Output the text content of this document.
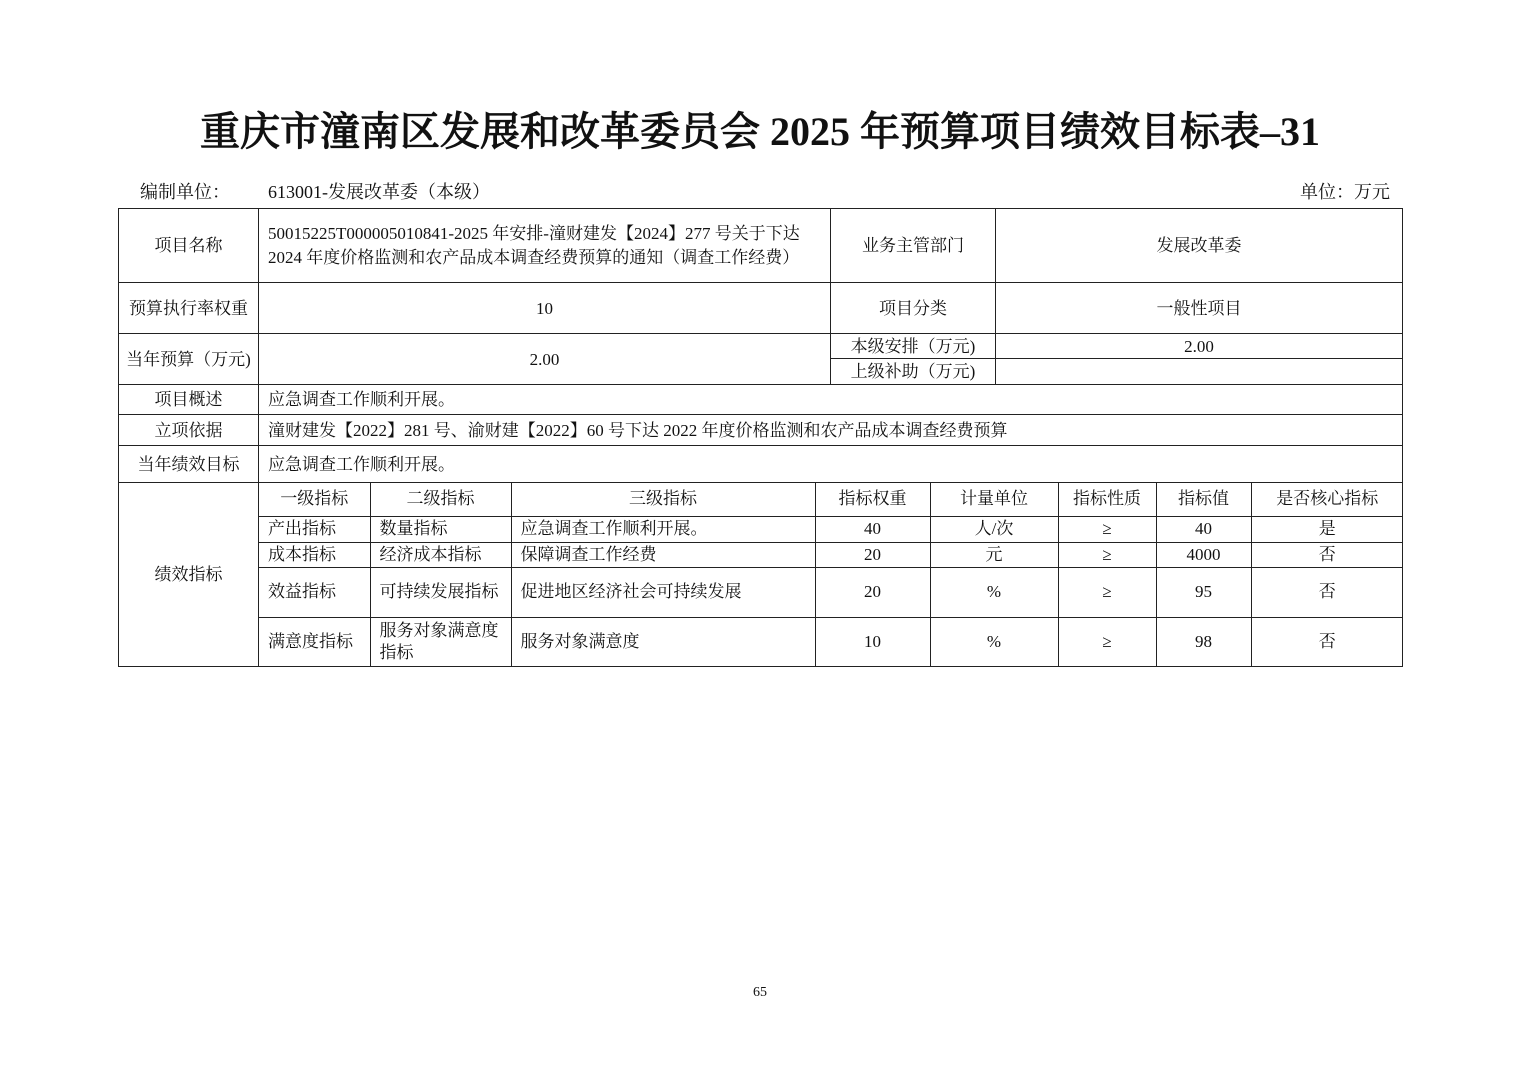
重庆市潼南区发展和改革委员会 2025 年预算项目绩效目标表–31
编制单位： 613001-发展改革委（本级）	单位：万元
项目名称	50015225T000005010841-2025 年安排-潼财建发【2024】277 号关于下达 2024 年度价格监测和农产品成本调查经费预算的通知（调查工作经费）	业务主管部门	发展改革委
预算执行率权重	10	项目分类	一般性项目
当年预算（万元)	2.00	本级安排（万元)	2.00
上级补助（万元)	
项目概述	应急调查工作顺利开展。
立项依据	潼财建发【2022】281 号、渝财建【2022】60 号下达 2022 年度价格监测和农产品成本调查经费预算
当年绩效目标	应急调查工作顺利开展。
绩效指标	
一级指标	二级指标	三级指标	指标权重	计量单位	指标性质	指标值	是否核心指标
产出指标	数量指标	应急调查工作顺利开展。	40	人/次	≥	40	是
成本指标	经济成本指标	保障调查工作经费	20	元	≥	4000	否
效益指标	可持续发展指标	促进地区经济社会可持续发展	20	%	≥	95	否
满意度指标	服务对象满意度指标	服务对象满意度	10	%	≥	98	否
65
